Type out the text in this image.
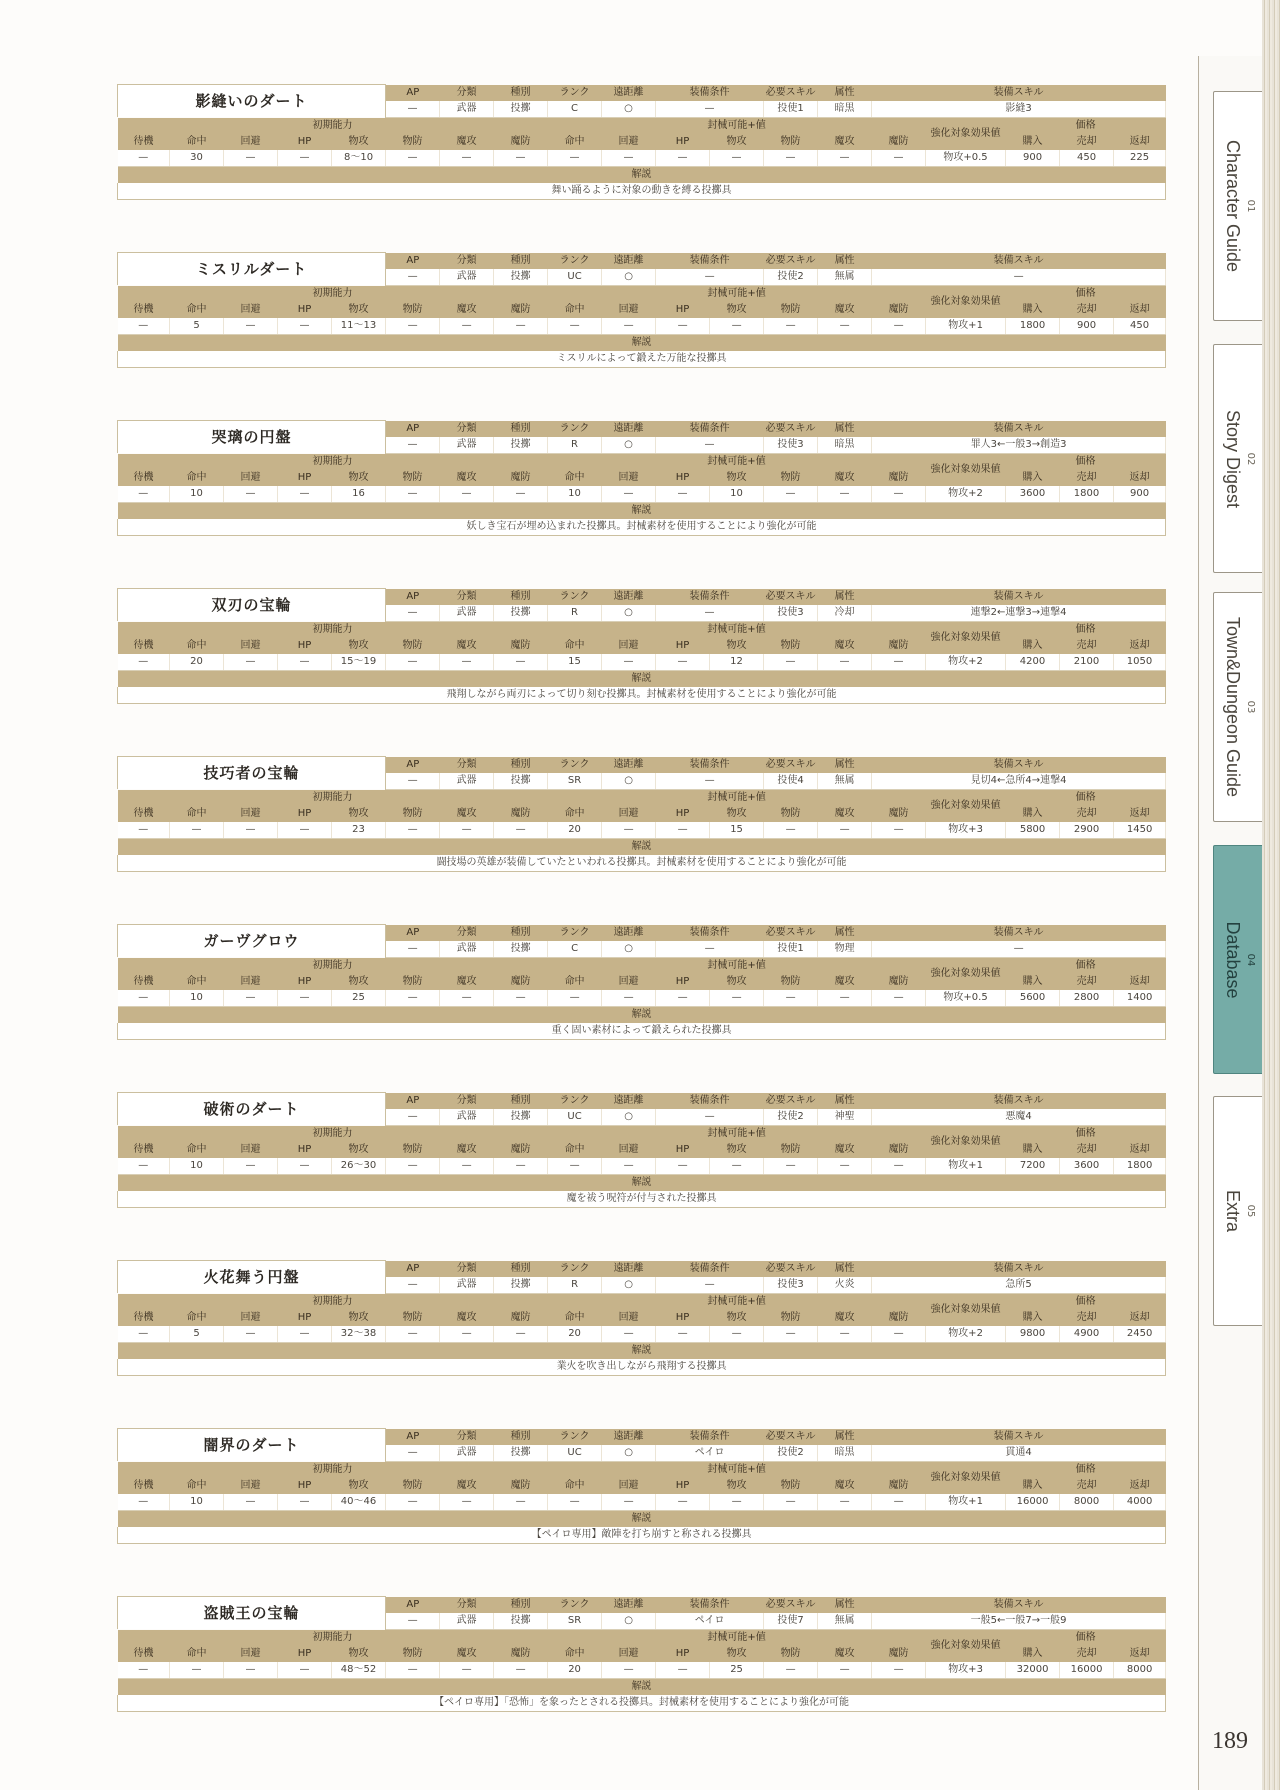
影縫いのダート					AP	分類	種別	ランク	遠距離	装備条件		必要スキル	属性	装備スキル				
					—	武器	投擲	C	○	—		投使1	暗黒	影縫3				
初期能力								封械可能+値							強化対象効果値	価格		
待機	命中	回避	HP	物攻	物防	魔攻	魔防	命中	回避	HP	物攻	物防	魔攻	魔防		購入	売却	返却
—	30	—	—	8～10	—	—	—	—	—	—	—	—	—	—	物攻+0.5	900	450	225
解説																		
舞い踊るように対象の動きを縛る投擲具																		
ミスリルダート					AP	分類	種別	ランク	遠距離	装備条件		必要スキル	属性	装備スキル				
					—	武器	投擲	UC	○	—		投使2	無属	—				
初期能力								封械可能+値							強化対象効果値	価格		
待機	命中	回避	HP	物攻	物防	魔攻	魔防	命中	回避	HP	物攻	物防	魔攻	魔防		購入	売却	返却
—	5	—	—	11～13	—	—	—	—	—	—	—	—	—	—	物攻+1	1800	900	450
解説																		
ミスリルによって鍛えた万能な投擲具																		
哭璃の円盤					AP	分類	種別	ランク	遠距離	装備条件		必要スキル	属性	装備スキル				
					—	武器	投擲	R	○	—		投使3	暗黒	罪人3←一般3→創造3				
初期能力								封械可能+値							強化対象効果値	価格		
待機	命中	回避	HP	物攻	物防	魔攻	魔防	命中	回避	HP	物攻	物防	魔攻	魔防		購入	売却	返却
—	10	—	—	16	—	—	—	10	—	—	10	—	—	—	物攻+2	3600	1800	900
解説																		
妖しき宝石が埋め込まれた投擲具。封械素材を使用することにより強化が可能																		
双刃の宝輪					AP	分類	種別	ランク	遠距離	装備条件		必要スキル	属性	装備スキル				
					—	武器	投擲	R	○	—		投使3	冷却	連撃2←連撃3→連撃4				
初期能力								封械可能+値							強化対象効果値	価格		
待機	命中	回避	HP	物攻	物防	魔攻	魔防	命中	回避	HP	物攻	物防	魔攻	魔防		購入	売却	返却
—	20	—	—	15～19	—	—	—	15	—	—	12	—	—	—	物攻+2	4200	2100	1050
解説																		
飛翔しながら両刃によって切り刻む投擲具。封械素材を使用することにより強化が可能																		
技巧者の宝輪					AP	分類	種別	ランク	遠距離	装備条件		必要スキル	属性	装備スキル				
					—	武器	投擲	SR	○	—		投使4	無属	見切4←急所4→連撃4				
初期能力								封械可能+値							強化対象効果値	価格		
待機	命中	回避	HP	物攻	物防	魔攻	魔防	命中	回避	HP	物攻	物防	魔攻	魔防		購入	売却	返却
—	—	—	—	23	—	—	—	20	—	—	15	—	—	—	物攻+3	5800	2900	1450
解説																		
闘技場の英雄が装備していたといわれる投擲具。封械素材を使用することにより強化が可能																		
ガーヴグロウ					AP	分類	種別	ランク	遠距離	装備条件		必要スキル	属性	装備スキル				
					—	武器	投擲	C	○	—		投使1	物理	—				
初期能力								封械可能+値							強化対象効果値	価格		
待機	命中	回避	HP	物攻	物防	魔攻	魔防	命中	回避	HP	物攻	物防	魔攻	魔防		購入	売却	返却
—	10	—	—	25	—	—	—	—	—	—	—	—	—	—	物攻+0.5	5600	2800	1400
解説																		
重く固い素材によって鍛えられた投擲具																		
破術のダート					AP	分類	種別	ランク	遠距離	装備条件		必要スキル	属性	装備スキル				
					—	武器	投擲	UC	○	—		投使2	神聖	悪魔4				
初期能力								封械可能+値							強化対象効果値	価格		
待機	命中	回避	HP	物攻	物防	魔攻	魔防	命中	回避	HP	物攻	物防	魔攻	魔防		購入	売却	返却
—	10	—	—	26～30	—	—	—	—	—	—	—	—	—	—	物攻+1	7200	3600	1800
解説																		
魔を祓う呪符が付与された投擲具																		
火花舞う円盤					AP	分類	種別	ランク	遠距離	装備条件		必要スキル	属性	装備スキル				
					—	武器	投擲	R	○	—		投使3	火炎	急所5				
初期能力								封械可能+値							強化対象効果値	価格		
待機	命中	回避	HP	物攻	物防	魔攻	魔防	命中	回避	HP	物攻	物防	魔攻	魔防		購入	売却	返却
—	5	—	—	32～38	—	—	—	20	—	—	—	—	—	—	物攻+2	9800	4900	2450
解説																		
業火を吹き出しながら飛翔する投擲具																		
闇界のダート					AP	分類	種別	ランク	遠距離	装備条件		必要スキル	属性	装備スキル				
					—	武器	投擲	UC	○	ペイロ		投使2	暗黒	貫通4				
初期能力								封械可能+値							強化対象効果値	価格		
待機	命中	回避	HP	物攻	物防	魔攻	魔防	命中	回避	HP	物攻	物防	魔攻	魔防		購入	売却	返却
—	10	—	—	40～46	—	—	—	—	—	—	—	—	—	—	物攻+1	16000	8000	4000
解説																		
【ペイロ専用】敵陣を打ち崩すと称される投擲具																		
盗賊王の宝輪					AP	分類	種別	ランク	遠距離	装備条件		必要スキル	属性	装備スキル				
					—	武器	投擲	SR	○	ペイロ		投使7	無属	一般5←一般7→一般9				
初期能力								封械可能+値							強化対象効果値	価格		
待機	命中	回避	HP	物攻	物防	魔攻	魔防	命中	回避	HP	物攻	物防	魔攻	魔防		購入	売却	返却
—	—	—	—	48～52	—	—	—	20	—	—	25	—	—	—	物攻+3	32000	16000	8000
解説																		
【ペイロ専用】「恐怖」を象ったとされる投擲具。封械素材を使用することにより強化が可能																		
01
Character Guide
02
Story Digest
03
Town&Dungeon Guide
04
Database
05
Extra
189
